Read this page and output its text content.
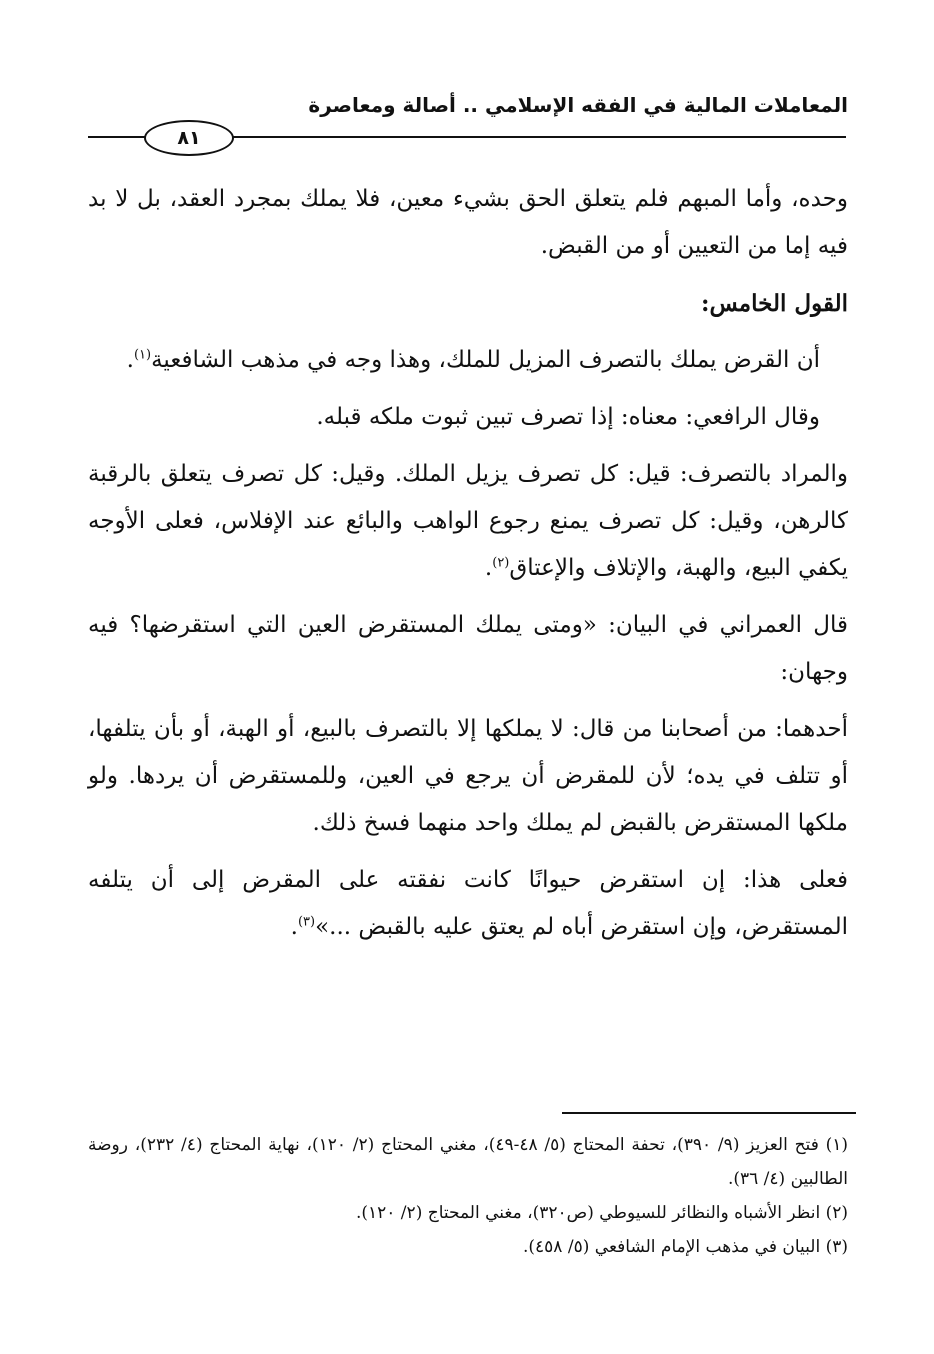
المعاملات المالية في الفقه الإسلامي .. أصالة ومعاصرة
٨١

وحده، وأما المبهم فلم يتعلق الحق بشيء معين، فلا يملك بمجرد العقد، بل لا بد فيه إما من التعيين أو من القبض.

القول الخامس:

أن القرض يملك بالتصرف المزيل للملك، وهذا وجه في مذهب الشافعية$^{(١)}$.

وقال الرافعي: معناه: إذا تصرف تبين ثبوت ملكه قبله.

والمراد بالتصرف: قيل: كل تصرف يزيل الملك. وقيل: كل تصرف يتعلق بالرقبة كالرهن، وقيل: كل تصرف يمنع رجوع الواهب والبائع عند الإفلاس، فعلى الأوجه يكفي البيع، والهبة، والإتلاف والإعتاق$^{(٢)}$.

قال العمراني في البيان: «ومتى يملك المستقرض العين التي استقرضها؟ فيه وجهان:

أحدهما: من أصحابنا من قال: لا يملكها إلا بالتصرف بالبيع، أو الهبة، أو بأن يتلفها، أو تتلف في يده؛ لأن للمقرض أن يرجع في العين، وللمستقرض أن يردها. ولو ملكها المستقرض بالقبض لم يملك واحد منهما فسخ ذلك.

فعلى هذا: إن استقرض حيوانًا كانت نفقته على المقرض إلى أن يتلفه المستقرض، وإن استقرض أباه لم يعتق عليه بالقبض ...»$^{(٣)}$.

(١) فتح العزيز (٩/ ٣٩٠)، تحفة المحتاج (٥/ ٤٨-٤٩)، مغني المحتاج (٢/ ١٢٠)، نهاية المحتاج (٤/ ٢٣٢)، روضة الطالبين (٤/ ٣٦).

(٢) انظر الأشباه والنظائر للسيوطي (ص٣٢٠)، مغني المحتاج (٢/ ١٢٠).

(٣) البيان في مذهب الإمام الشافعي (٥/ ٤٥٨).
